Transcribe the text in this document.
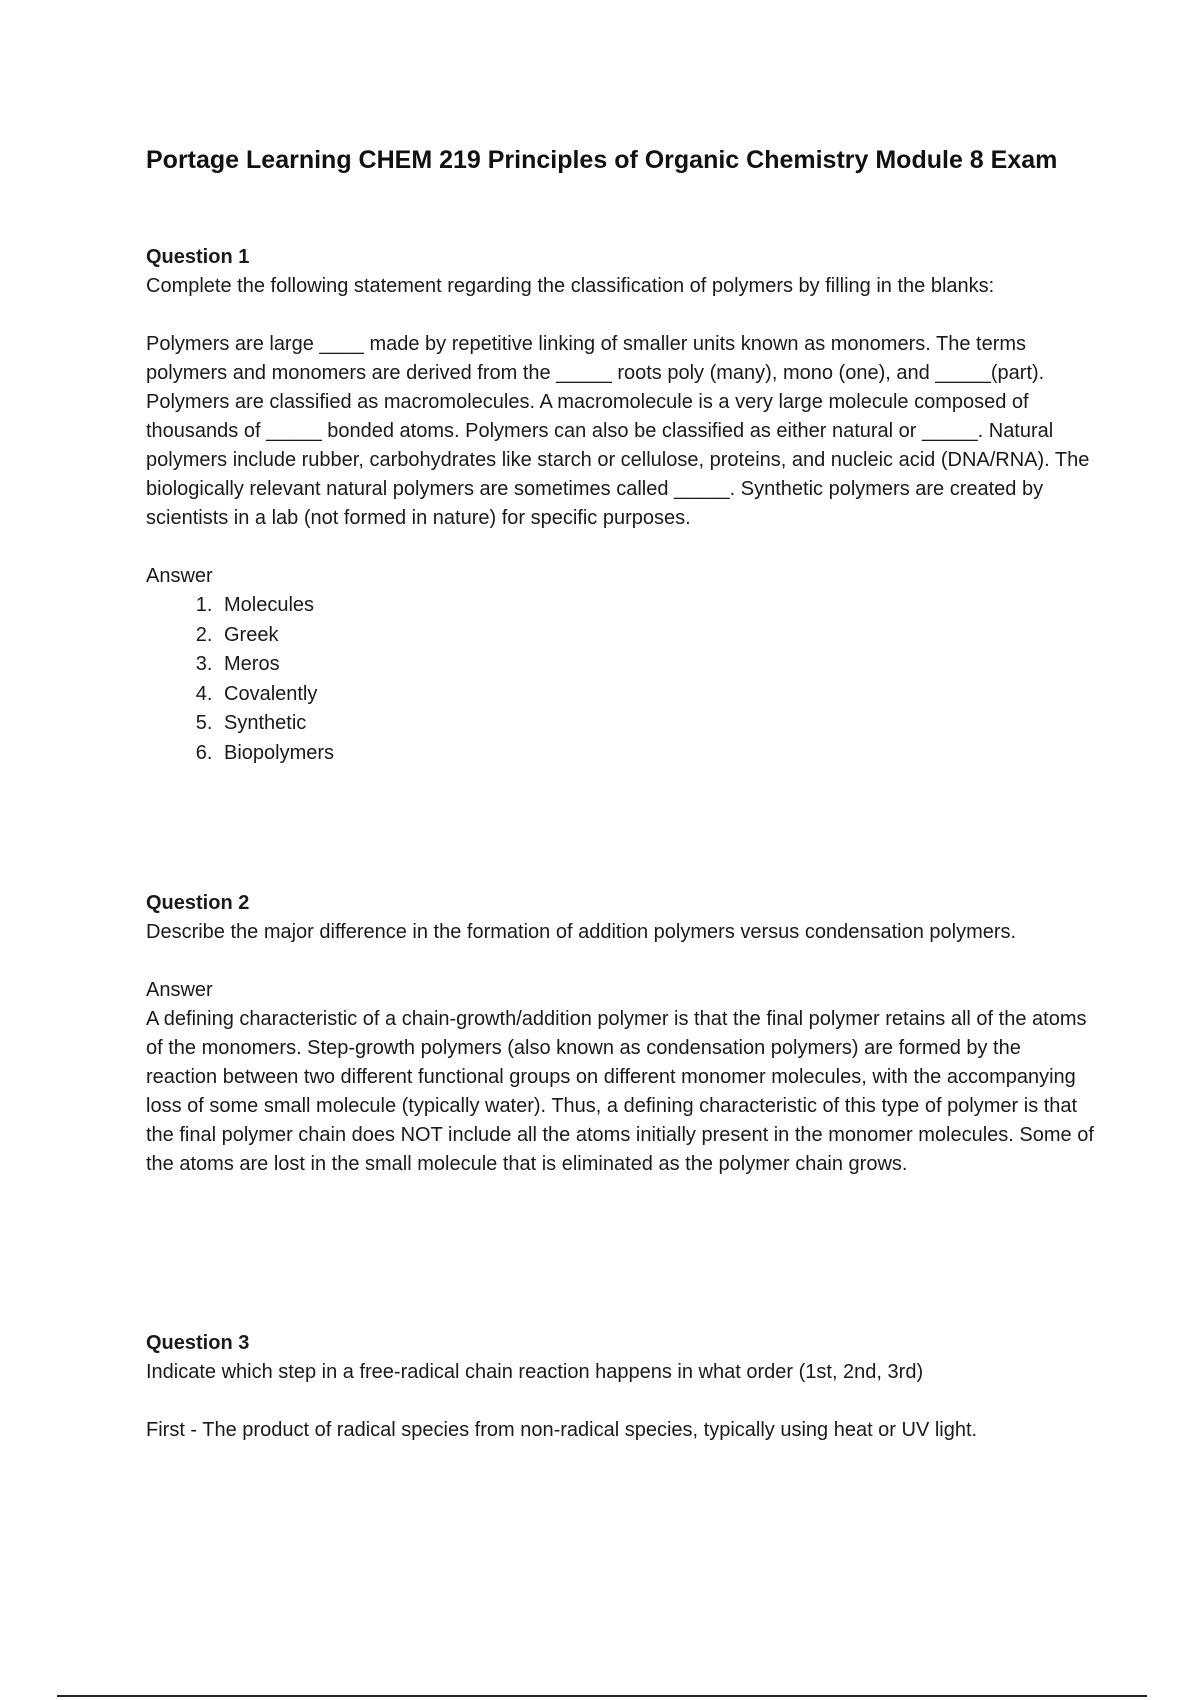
Portage Learning CHEM 219 Principles of Organic Chemistry Module 8 Exam

Question 1

Complete the following statement regarding the classification of polymers by filling in the blanks:

Polymers are large ____ made by repetitive linking of smaller units known as monomers. The terms polymers and monomers are derived from the _____ roots poly (many), mono (one), and _____(part). Polymers are classified as macromolecules. A macromolecule is a very large molecule composed of thousands of _____ bonded atoms. Polymers can also be classified as either natural or _____. Natural polymers include rubber, carbohydrates like starch or cellulose, proteins, and nucleic acid (DNA/RNA). The biologically relevant natural polymers are sometimes called _____. Synthetic polymers are created by scientists in a lab (not formed in nature) for specific purposes.

Answer

1. Molecules
2. Greek
3. Meros
4. Covalently
5. Synthetic
6. Biopolymers

Question 2

Describe the major difference in the formation of addition polymers versus condensation polymers.

Answer

A defining characteristic of a chain-growth/addition polymer is that the final polymer retains all of the atoms of the monomers. Step-growth polymers (also known as condensation polymers) are formed by the reaction between two different functional groups on different monomer molecules, with the accompanying loss of some small molecule (typically water). Thus, a defining characteristic of this type of polymer is that the final polymer chain does NOT include all the atoms initially present in the monomer molecules. Some of the atoms are lost in the small molecule that is eliminated as the polymer chain grows.

Question 3

Indicate which step in a free-radical chain reaction happens in what order (1st, 2nd, 3rd)

First - The product of radical species from non-radical species, typically using heat or UV light.
